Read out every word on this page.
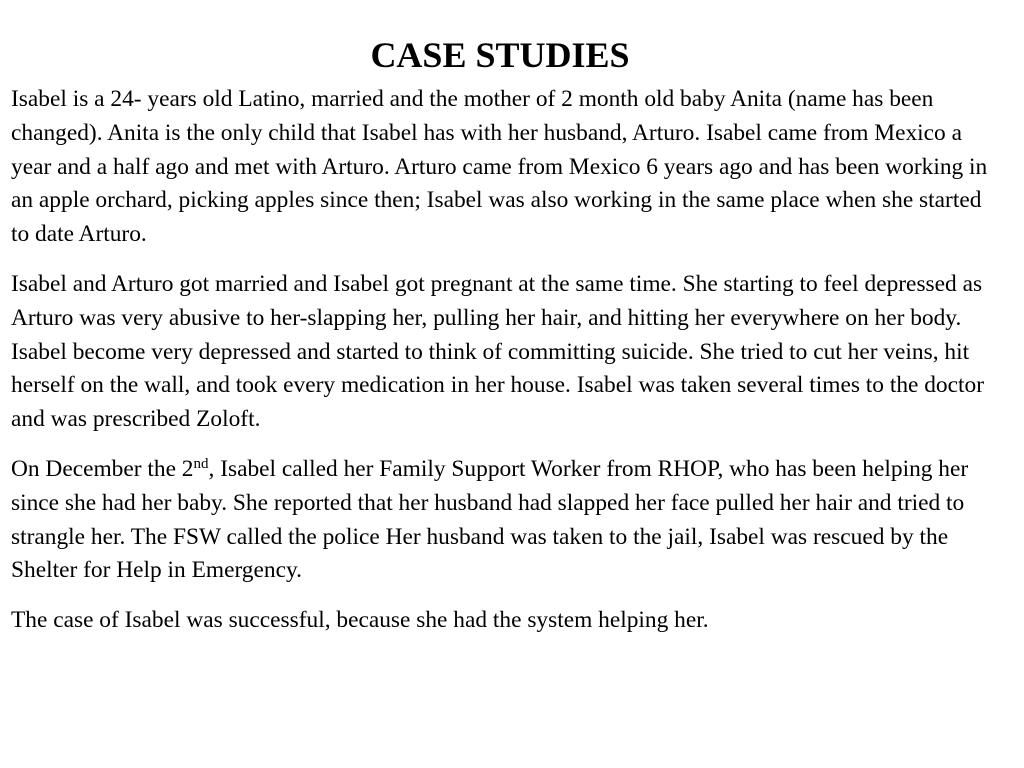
CASE STUDIES

Isabel is a 24- years old Latino, married and the mother of 2 month old baby Anita (name has been changed). Anita is the only child that Isabel has with her husband, Arturo. Isabel came from Mexico a year and a half ago and met with Arturo. Arturo came from Mexico 6 years ago and has been working in an apple orchard, picking apples since then; Isabel was also working in the same place when she started to date Arturo.

Isabel and Arturo got married and Isabel got pregnant at the same time. She starting to feel depressed as Arturo was very abusive to her-slapping her, pulling her hair, and hitting her everywhere on her body. Isabel become very depressed and started to think of committing suicide. She tried to cut her veins, hit herself on the wall, and took every medication in her house. Isabel was taken several times to the doctor and was prescribed Zoloft.

On December the 2nd, Isabel called her Family Support Worker from RHOP, who has been helping her since she had her baby. She reported that her husband had slapped her face pulled her hair and tried to strangle her. The FSW called the police Her husband was taken to the jail, Isabel was rescued by the Shelter for Help in Emergency.

The case of Isabel was successful, because she had the system helping her.
